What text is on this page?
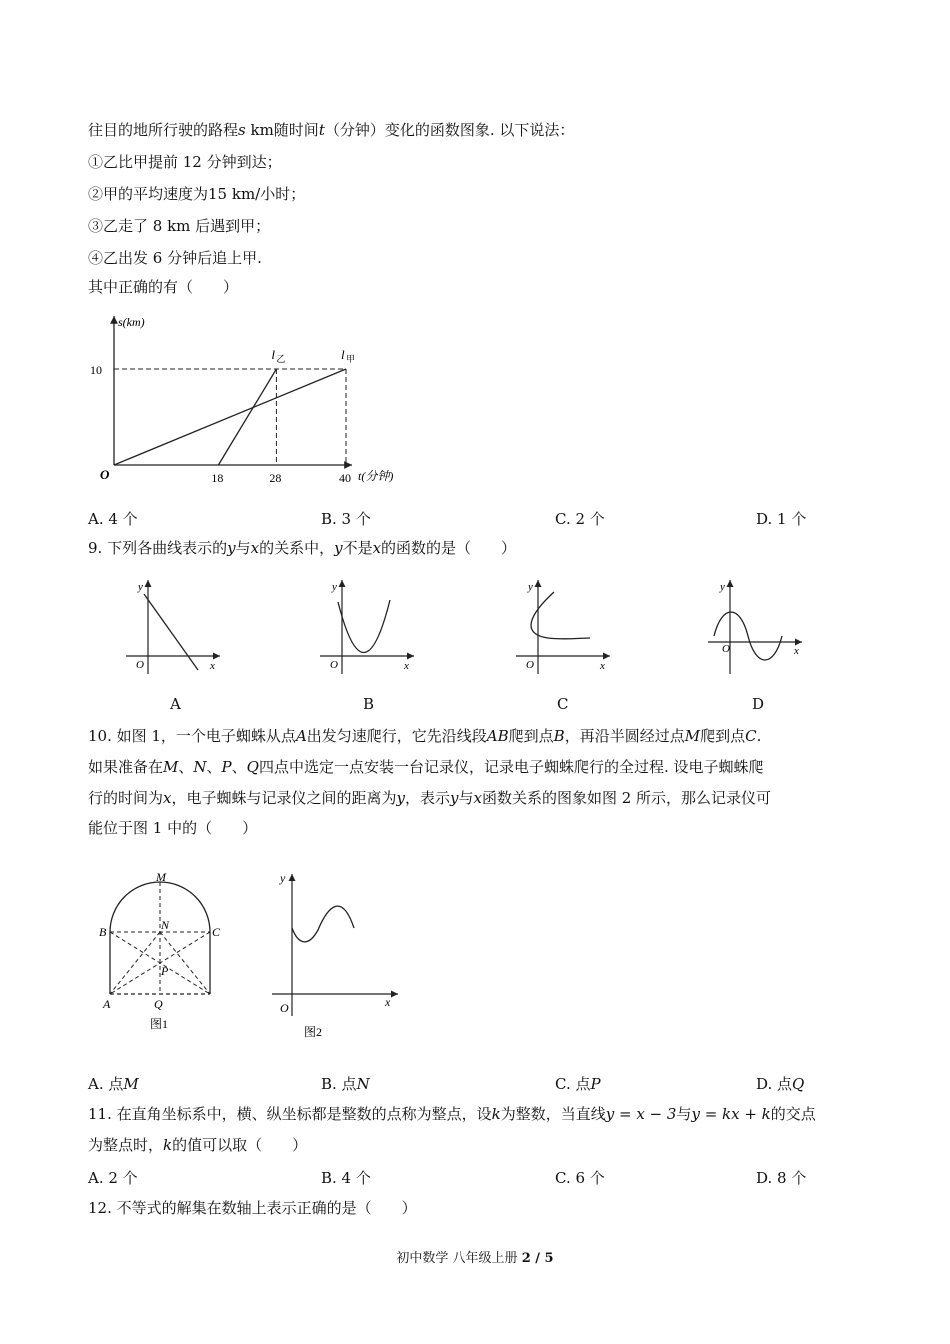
往目的地所行驶的路程s km随时间t（分钟）变化的函数图象. 以下说法：
①乙比甲提前 12 分钟到达；
②甲的平均速度为15 km/小时；
③乙走了 8 km 后遇到甲；
④乙出发 6 分钟后追上甲.
其中正确的有（　　）
s(km)
t(分钟)
O
10
18	28	40
l 乙	l 甲
A. 4 个	B. 3 个	C. 2 个	D. 1 个
9. 下列各曲线表示的y与x的关系中，y不是x的函数的是（　　）
y
x
O
y
x
O
y
x
O
y
x
O
A	B	C	D
10. 如图 1，一个电子蜘蛛从点A出发匀速爬行，它先沿线段AB爬到点B，再沿半圆经过点M爬到点C.
如果准备在M、N、P、Q四点中选定一点安装一台记录仪，记录电子蜘蛛爬行的全过程. 设电子蜘蛛爬
行的时间为x，电子蜘蛛与记录仪之间的距离为y，表示y与x函数关系的图象如图 2 所示，那么记录仪可
能位于图 1 中的（　　）
M
N
B	C
P
A	Q
图1
y
x
O
图2
A. 点M	B. 点N	C. 点P	D. 点Q
11. 在直角坐标系中，横、纵坐标都是整数的点称为整点，设k为整数，当直线y = x − 3与y = kx + k的交点
为整点时，k的值可以取（　　）
A. 2 个	B. 4 个	C. 6 个	D. 8 个
12. 不等式的解集在数轴上表示正确的是（　　）
初中数学 八年级上册 2 / 5
